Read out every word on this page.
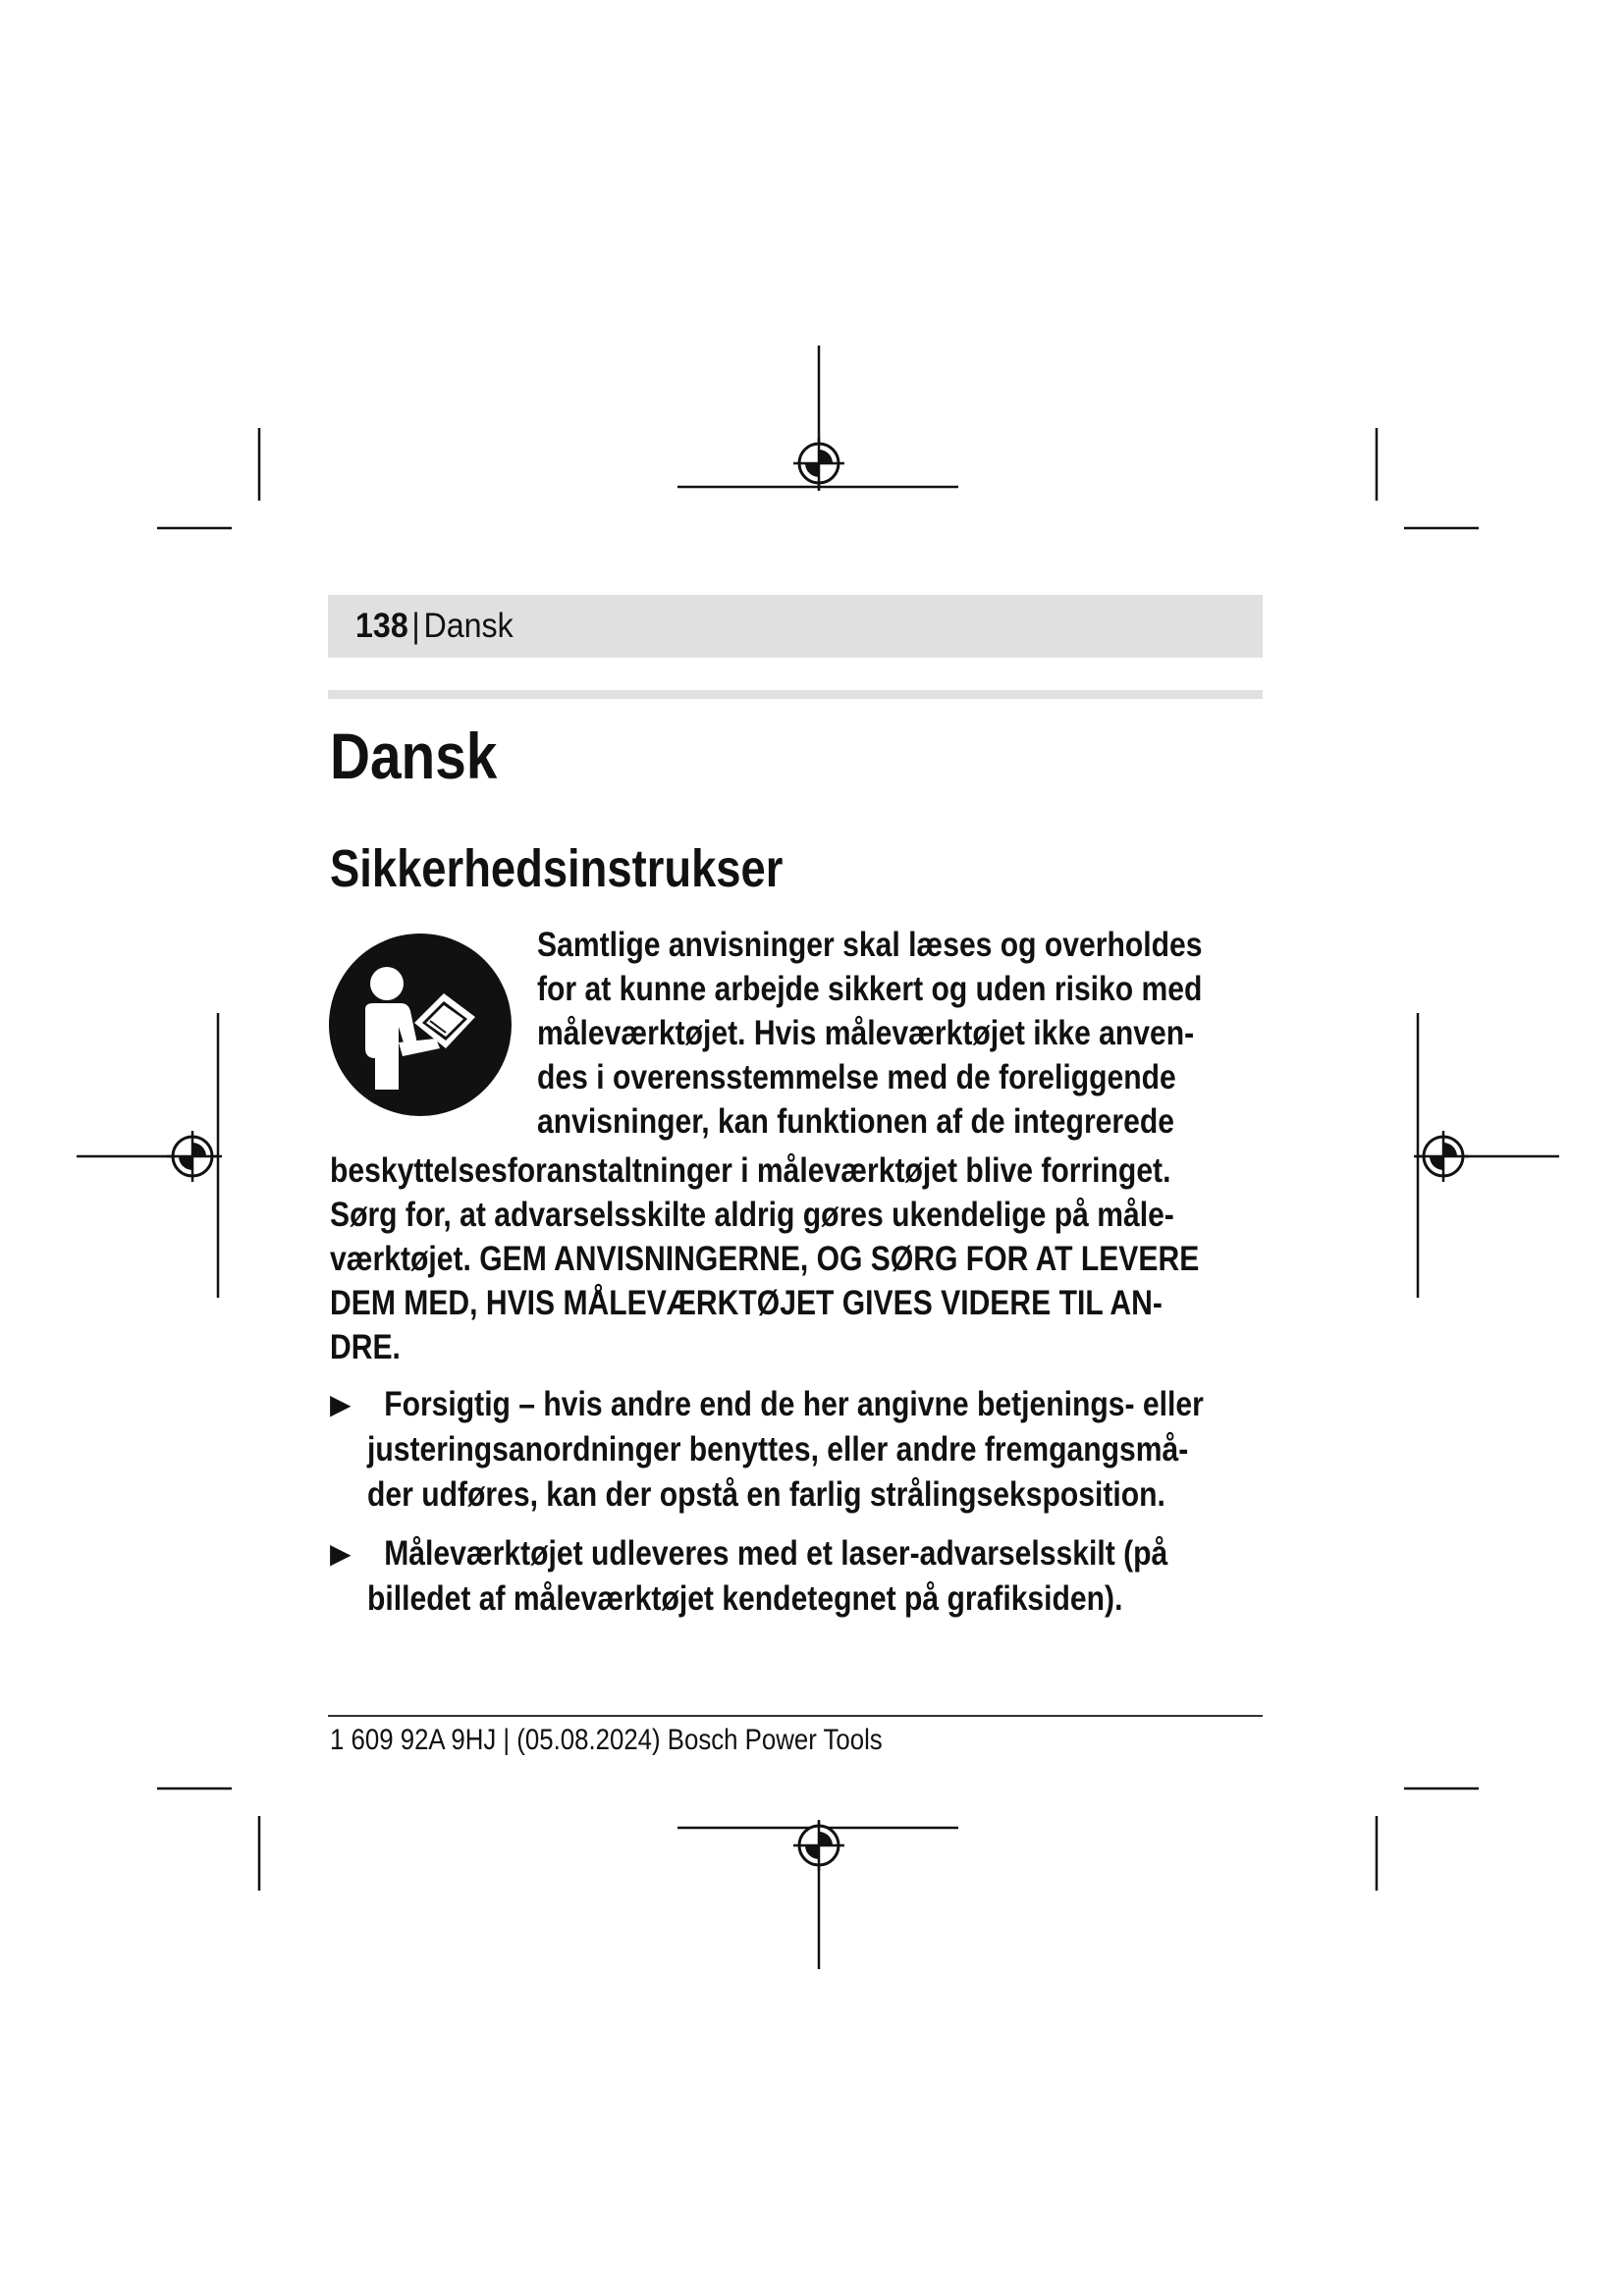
138 | Dansk
Dansk
Sikkerhedsinstrukser
Samtlige anvisninger skal læses og overholdes
for at kunne arbejde sikkert og uden risiko med
måleværktøjet. Hvis måleværktøjet ikke anven-
des i overensstemmelse med de foreliggende
anvisninger, kan funktionen af de integrerede
beskyttelsesforanstaltninger i måleværktøjet blive forringet.
Sørg for, at advarselsskilte aldrig gøres ukendelige på måle-
værktøjet. GEM ANVISNINGERNE, OG SØRG FOR AT LEVERE
DEM MED, HVIS MÅLEVÆRKTØJET GIVES VIDERE TIL AN-
DRE.
▶ Forsigtig – hvis andre end de her angivne betjenings- eller
justeringsanordninger benyttes, eller andre fremgangsmå-
der udføres, kan der opstå en farlig strålingseksposition.
▶ Måleværktøjet udleveres med et laser-advarselsskilt (på
billedet af måleværktøjet kendetegnet på grafiksiden).
1 609 92A 9HJ | (05.08.2024) Bosch Power Tools
